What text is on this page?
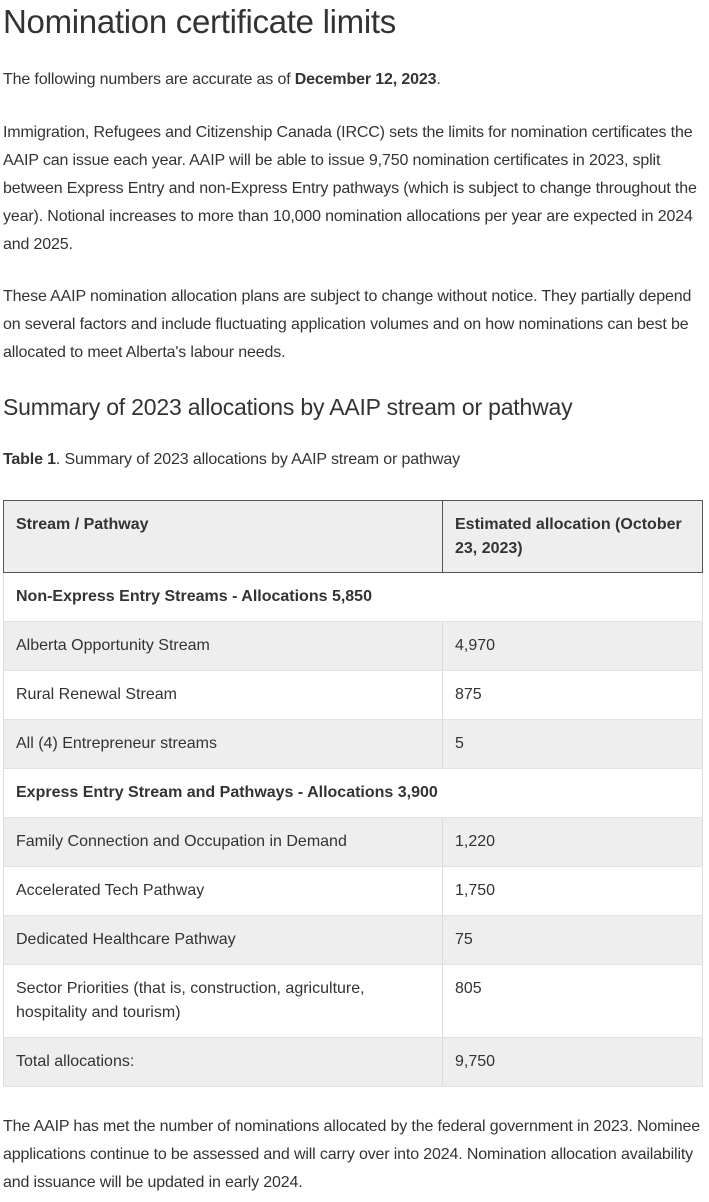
Nomination certificate limits

The following numbers are accurate as of December 12, 2023.

Immigration, Refugees and Citizenship Canada (IRCC) sets the limits for nomination certificates the AAIP can issue each year. AAIP will be able to issue 9,750 nomination certificates in 2023, split between Express Entry and non-Express Entry pathways (which is subject to change throughout the year). Notional increases to more than 10,000 nomination allocations per year are expected in 2024 and 2025.

These AAIP nomination allocation plans are subject to change without notice. They partially depend on several factors and include fluctuating application volumes and on how nominations can best be allocated to meet Alberta's labour needs.

Summary of 2023 allocations by AAIP stream or pathway

Table 1. Summary of 2023 allocations by AAIP stream or pathway

Stream / Pathway	Estimated allocation (October 23, 2023)
Non-Express Entry Streams - Allocations 5,850	
Alberta Opportunity Stream	4,970
Rural Renewal Stream	875
All (4) Entrepreneur streams	5
Express Entry Stream and Pathways - Allocations 3,900	
Family Connection and Occupation in Demand	1,220
Accelerated Tech Pathway	1,750
Dedicated Healthcare Pathway	75
Sector Priorities (that is, construction, agriculture, hospitality and tourism)	805
Total allocations:	9,750

The AAIP has met the number of nominations allocated by the federal government in 2023. Nominee applications continue to be assessed and will carry over into 2024. Nomination allocation availability and issuance will be updated in early 2024.
